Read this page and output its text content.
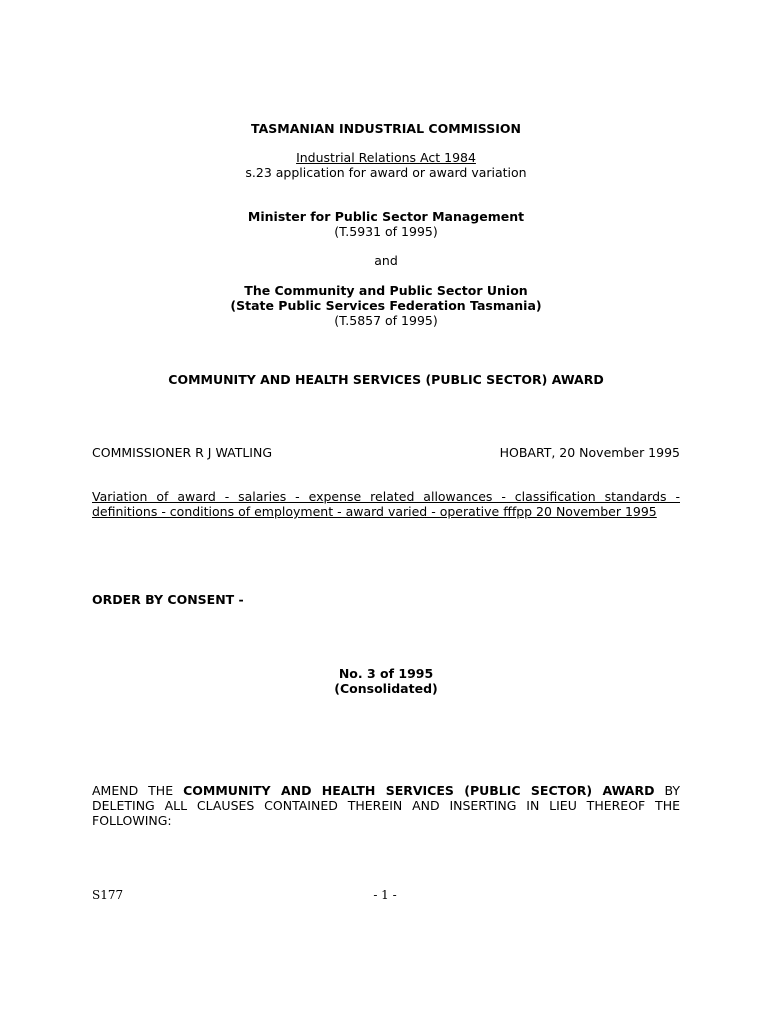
TASMANIAN INDUSTRIAL COMMISSION
Industrial Relations Act 1984
s.23 application for award or award variation
Minister for Public Sector Management
(T.5931 of 1995)
and
The Community and Public Sector Union
(State Public Services Federation Tasmania)
(T.5857 of 1995)
COMMUNITY AND HEALTH SERVICES (PUBLIC SECTOR) AWARD
COMMISSIONER R J WATLING	HOBART, 20 November 1995
Variation of award - salaries - expense related allowances - classification standards - definitions - conditions of employment - award varied - operative fffpp 20 November 1995
ORDER BY CONSENT -
No. 3 of 1995
(Consolidated)
AMEND THE COMMUNITY AND HEALTH SERVICES (PUBLIC SECTOR) AWARD BY DELETING ALL CLAUSES CONTAINED THEREIN AND INSERTING IN LIEU THEREOF THE FOLLOWING:
S177	- 1 -
